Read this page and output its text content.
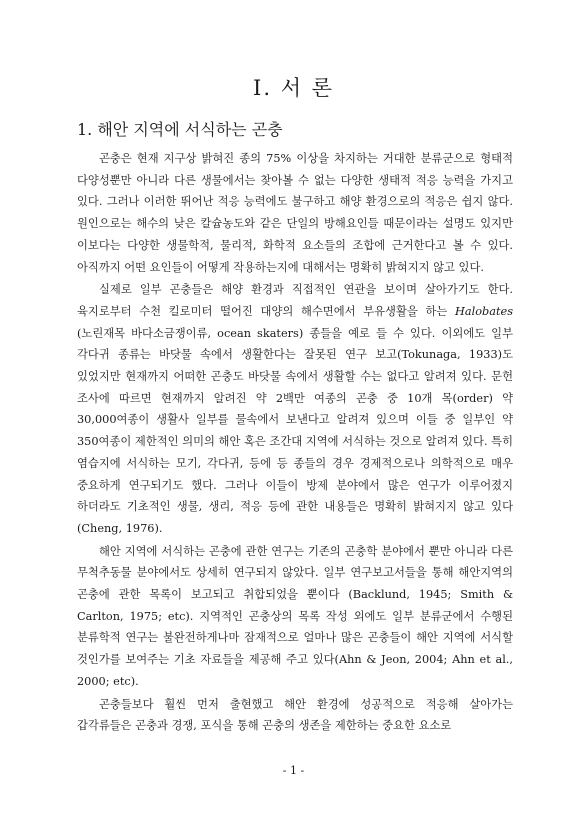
I. 서 론
1. 해안 지역에 서식하는 곤충

곤충은 현재 지구상 밝혀진 종의 75% 이상을 차지하는 거대한 분류군으로 형태적 다양성뿐만 아니라 다른 생물에서는 찾아볼 수 없는 다양한 생태적 적응 능력을 가지고 있다. 그러나 이러한 뛰어난 적응 능력에도 불구하고 해양 환경으로의 적응은 쉽지 않다. 원인으로는 해수의 낮은 칼슘농도와 같은 단일의 방해요인들 때문이라는 설명도 있지만 이보다는 다양한 생물학적, 물리적, 화학적 요소들의 조합에 근거한다고 볼 수 있다. 아직까지 어떤 요인들이 어떻게 작용하는지에 대해서는 명확히 밝혀지지 않고 있다.

실제로 일부 곤충들은 해양 환경과 직접적인 연관을 보이며 살아가기도 한다. 육지로부터 수천 킬로미터 떨어진 대양의 해수면에서 부유생활을 하는 Halobates (노린재목 바다소금쟁이류, ocean skaters) 종들을 예로 들 수 있다. 이외에도 일부 각다귀 종류는 바닷물 속에서 생활한다는 잘못된 연구 보고(Tokunaga, 1933)도 있었지만 현재까지 어떠한 곤충도 바닷물 속에서 생활할 수는 없다고 알려져 있다. 문헌 조사에 따르면 현재까지 알려진 약 2백만 여종의 곤충 중 10개 목(order) 약 30,000여종이 생활사 일부를 물속에서 보낸다고 알려져 있으며 이들 중 일부인 약 350여종이 제한적인 의미의 해안 혹은 조간대 지역에 서식하는 것으로 알려져 있다. 특히 염습지에 서식하는 모기, 각다귀, 등에 등 종들의 경우 경제적으로나 의학적으로 매우 중요하게 연구되기도 했다. 그러나 이들이 방제 분야에서 많은 연구가 이루어졌지 하더라도 기초적인 생물, 생리, 적응 등에 관한 내용들은 명확히 밝혀지지 않고 있다 (Cheng, 1976).

해안 지역에 서식하는 곤충에 관한 연구는 기존의 곤충학 분야에서 뿐만 아니라 다른 무척추동물 분야에서도 상세히 연구되지 않았다. 일부 연구보고서들을 통해 해안지역의 곤충에 관한 목록이 보고되고 취합되었을 뿐이다 (Backlund, 1945; Smith & Carlton, 1975; etc). 지역적인 곤충상의 목록 작성 외에도 일부 분류군에서 수행된 분류학적 연구는 불완전하게나마 잠재적으로 얼마나 많은 곤충들이 해안 지역에 서식할 것인가를 보여주는 기초 자료들을 제공해 주고 있다(Ahn & Jeon, 2004; Ahn et al., 2000; etc).

곤충들보다 훨씬 먼저 출현했고 해안 환경에 성공적으로 적응해 살아가는 갑각류들은 곤충과 경쟁, 포식을 통해 곤충의 생존을 제한하는 중요한 요소로

- 1 -
